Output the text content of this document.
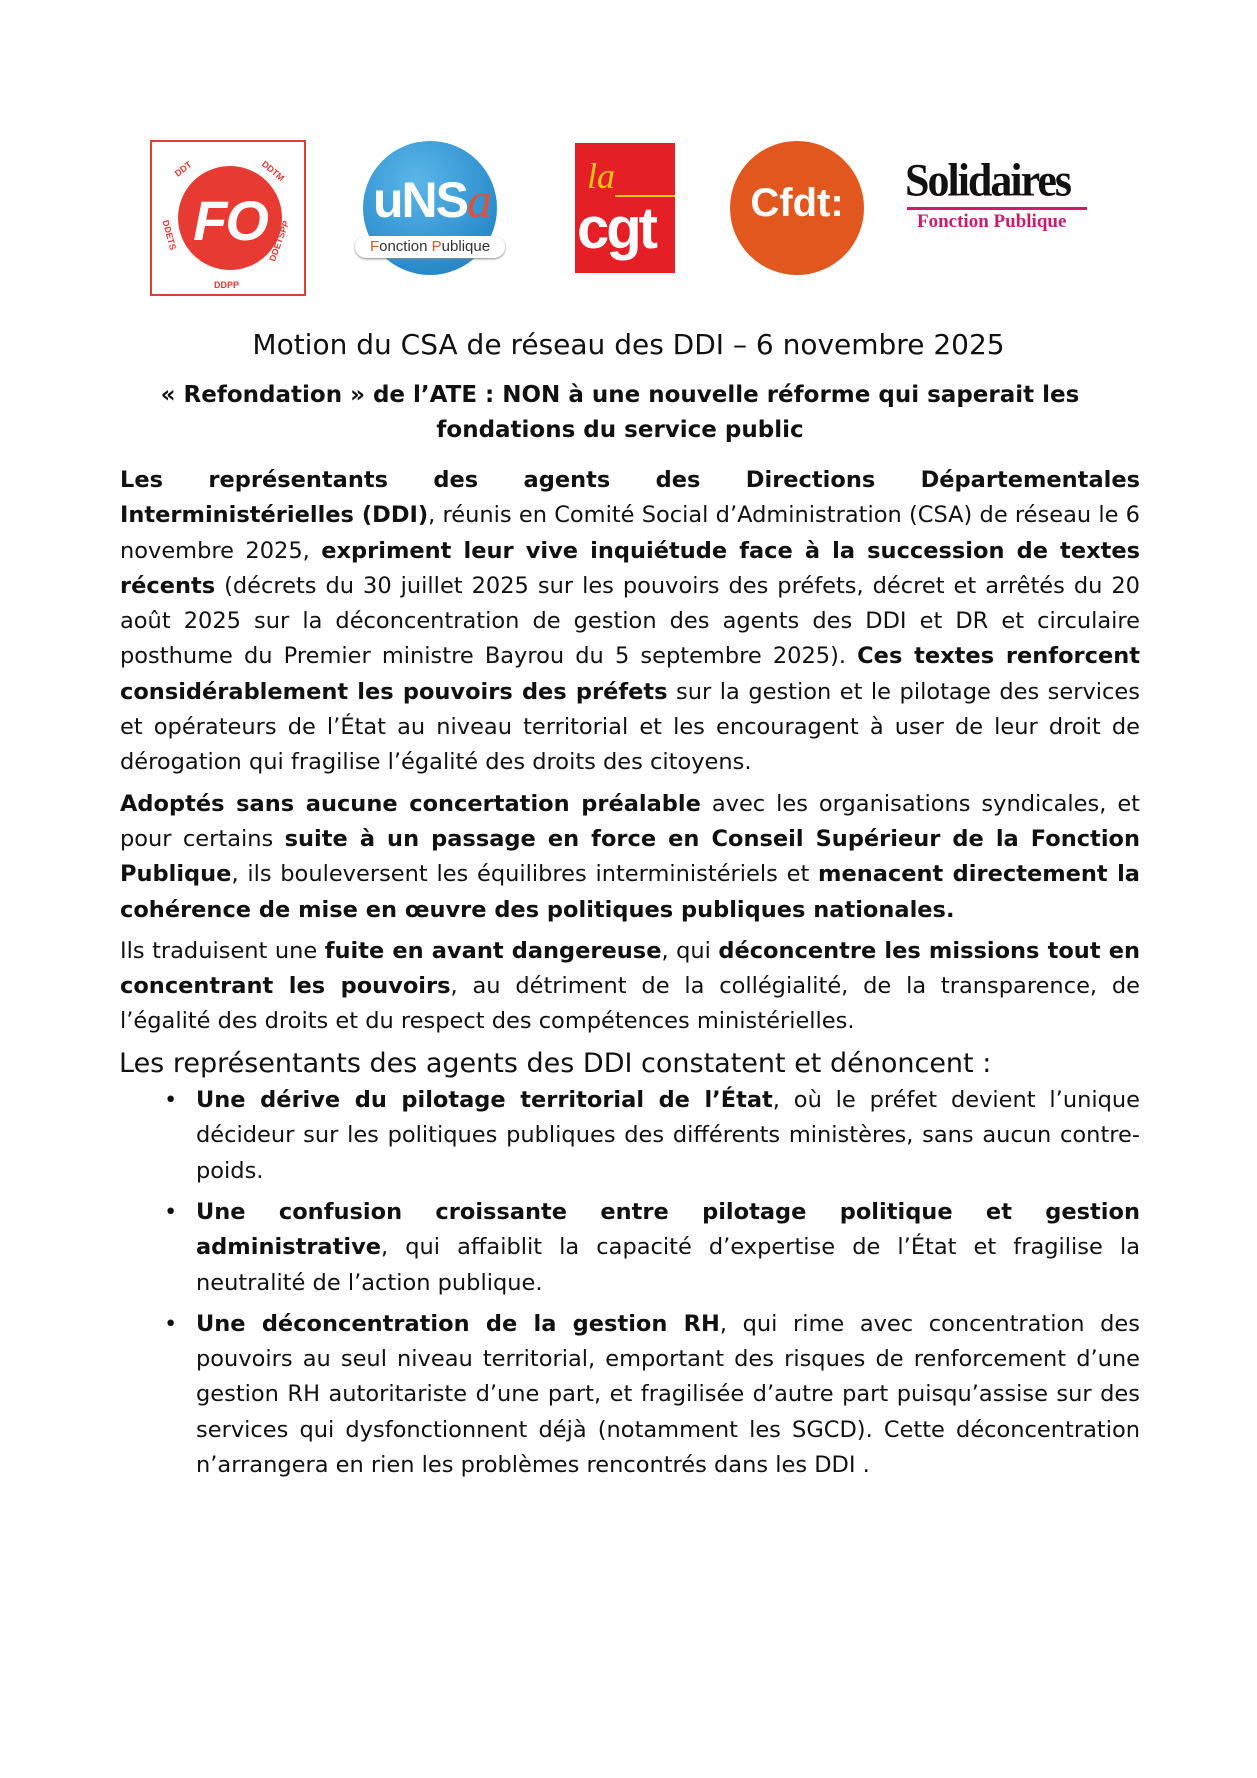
FO
DDT	DDTM
DDETS	DDETSPP
DDPP
uNSa
Fonction Publique
la
cgt	Cfdt:	Solidaires
Fonction Publique
Motion du CSA de réseau des DDI – 6 novembre 2025
« Refondation » de l’ATE : NON à une nouvelle réforme qui saperait les fondations du service public

Les représentants des agents des Directions Départementales Interministérielles (DDI), réunis en Comité Social d’Administration (CSA) de réseau le 6 novembre 2025, expriment leur vive inquiétude face à la succession de textes récents (décrets du 30 juillet 2025 sur les pouvoirs des préfets, décret et arrêtés du 20 août 2025 sur la déconcentration de gestion des agents des DDI et DR et circulaire posthume du Premier ministre Bayrou du 5 septembre 2025). Ces textes renforcent considérablement les pouvoirs des préfets sur la gestion et le pilotage des services et opérateurs de l’État au niveau territorial et les encouragent à user de leur droit de dérogation qui fragilise l’égalité des droits des citoyens.

Adoptés sans aucune concertation préalable avec les organisations syndicales, et pour certains suite à un passage en force en Conseil Supérieur de la Fonction Publique, ils bouleversent les équilibres interministériels et menacent directement la cohérence de mise en œuvre des politiques publiques nationales.

Ils traduisent une fuite en avant dangereuse, qui déconcentre les missions tout en concentrant les pouvoirs, au détriment de la collégialité, de la transparence, de l’égalité des droits et du respect des compétences ministérielles.

Les représentants des agents des DDI constatent et dénoncent :

• Une dérive du pilotage territorial de l’État, où le préfet devient l’unique décideur sur les politiques publiques des différents ministères, sans aucun contre-poids.
• Une confusion croissante entre pilotage politique et gestion administrative, qui affaiblit la capacité d’expertise de l’État et fragilise la neutralité de l’action publique.
• Une déconcentration de la gestion RH, qui rime avec concentration des pouvoirs au seul niveau territorial, emportant des risques de renforcement d’une gestion RH autoritariste d’une part, et fragilisée d’autre part puisqu’assise sur des services qui dysfonctionnent déjà (notamment les SGCD). Cette déconcentration n’arrangera en rien les problèmes rencontrés dans les DDI .
